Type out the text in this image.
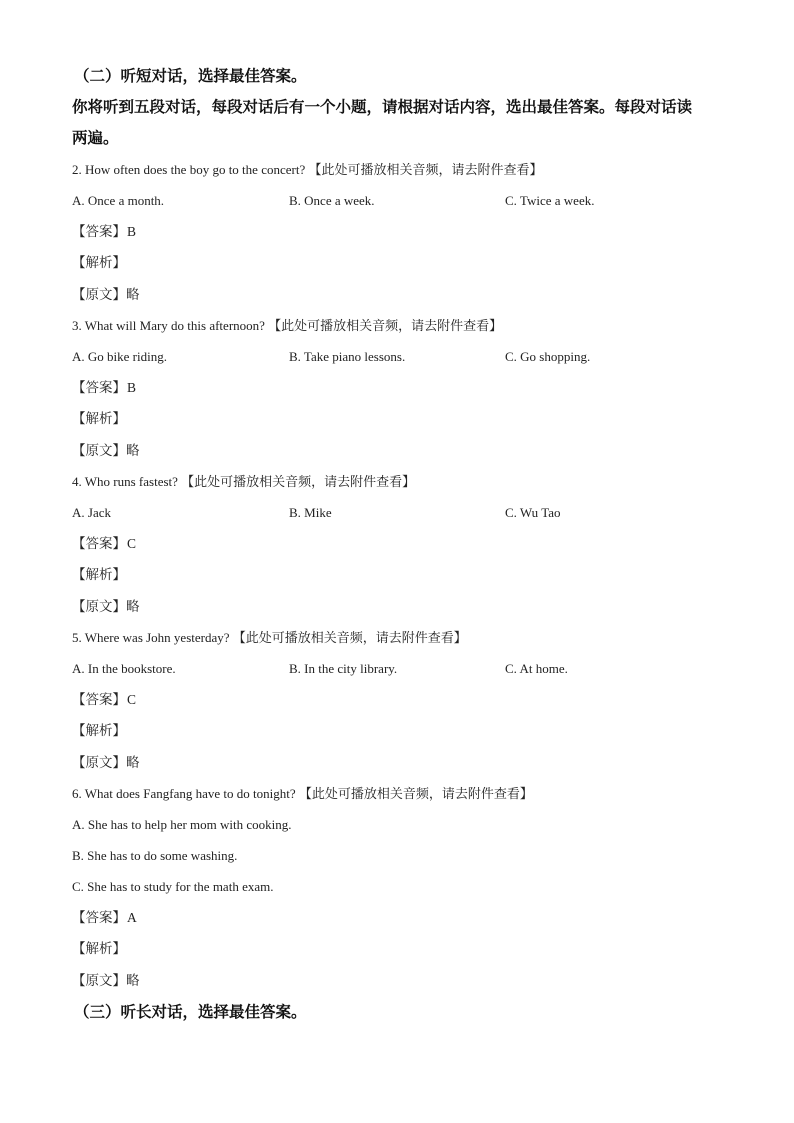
（二）听短对话，选择最佳答案。
你将听到五段对话，每段对话后有一个小题，请根据对话内容，选出最佳答案。每段对话读
两遍。
2. How often does the boy go to the concert? 【此处可播放相关音频，请去附件查看】
A. Once a month.	B. Once a week.	C. Twice a week.
【答案】B
【解析】
【原文】略
3. What will Mary do this afternoon? 【此处可播放相关音频，请去附件查看】
A. Go bike riding.	B. Take piano lessons.	C. Go shopping.
【答案】B
【解析】
【原文】略
4. Who runs fastest? 【此处可播放相关音频，请去附件查看】
A. Jack	B. Mike	C. Wu Tao
【答案】C
【解析】
【原文】略
5. Where was John yesterday? 【此处可播放相关音频，请去附件查看】
A. In the bookstore.	B. In the city library.	C. At home.
【答案】C
【解析】
【原文】略
6. What does Fangfang have to do tonight? 【此处可播放相关音频，请去附件查看】
A. She has to help her mom with cooking.
B. She has to do some washing.
C. She has to study for the math exam.
【答案】A
【解析】
【原文】略
（三）听长对话，选择最佳答案。
